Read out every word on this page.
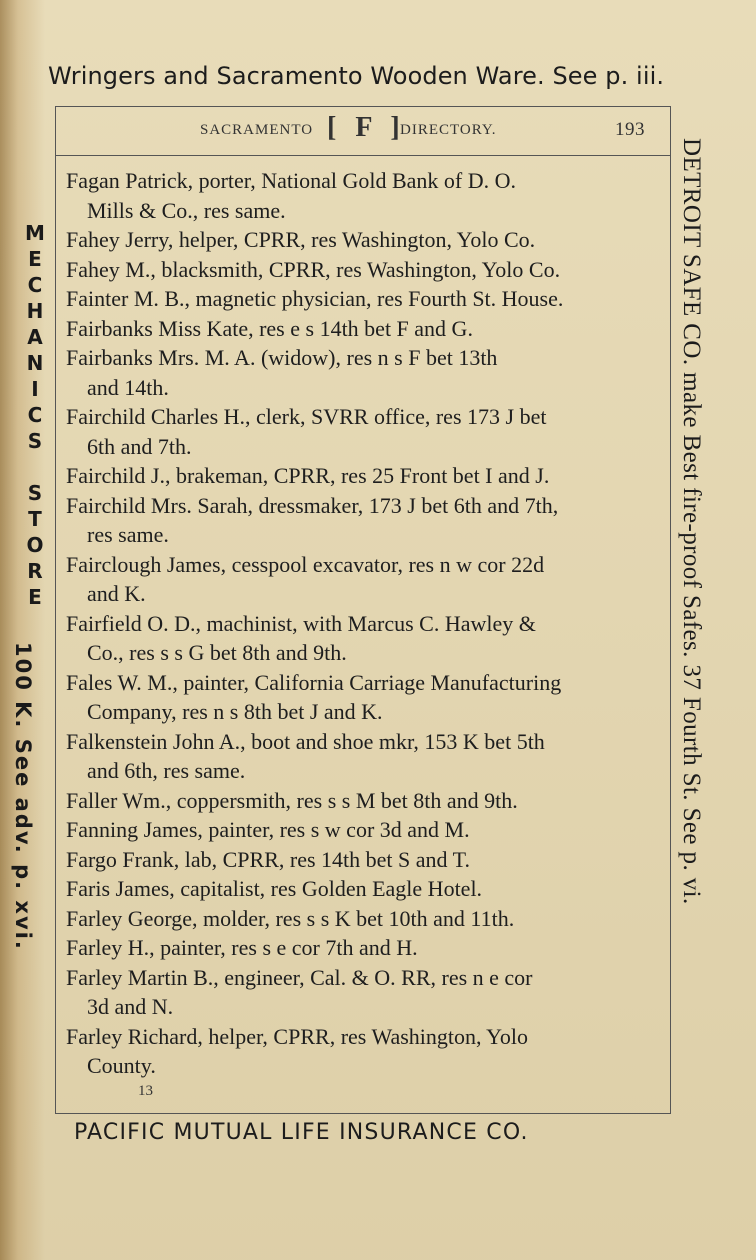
Wringers and Sacramento Wooden Ware. See p. iii.
SACRAMENTO [ F ]
DIRECTORY.	193
Fagan Patrick, porter, National Gold Bank of D. O.
Mills & Co., res same.
Fahey Jerry, helper, CPRR, res Washington, Yolo Co.
Fahey M., blacksmith, CPRR, res Washington, Yolo Co.
Fainter M. B., magnetic physician, res Fourth St. House.
Fairbanks Miss Kate, res e s 14th bet F and G.
Fairbanks Mrs. M. A. (widow), res n s F bet 13th
and 14th.
Fairchild Charles H., clerk, SVRR office, res 173 J bet
6th and 7th.
Fairchild J., brakeman, CPRR, res 25 Front bet I and J.
Fairchild Mrs. Sarah, dressmaker, 173 J bet 6th and 7th,
res same.
Fairclough James, cesspool excavator, res n w cor 22d
and K.
Fairfield O. D., machinist, with Marcus C. Hawley &
Co., res s s G bet 8th and 9th.
Fales W. M., painter, California Carriage Manufacturing
Company, res n s 8th bet J and K.
Falkenstein John A., boot and shoe mkr, 153 K bet 5th
and 6th, res same.
Faller Wm., coppersmith, res s s M bet 8th and 9th.
Fanning James, painter, res s w cor 3d and M.
Fargo Frank, lab, CPRR, res 14th bet S and T.
Faris James, capitalist, res Golden Eagle Hotel.
Farley George, molder, res s s K bet 10th and 11th.
Farley H., painter, res s e cor 7th and H.
Farley Martin B., engineer, Cal. & O. RR, res n e cor
3d and N.
Farley Richard, helper, CPRR, res Washington, Yolo
County.
13
M
E
C
H
A
N
I
C
S
S
T
O
R
E
100 K. See adv. p. xvi.	DETROIT SAFE CO. make Best fire-proof Safes. 37 Fourth St. See p. vi.
PACIFIC MUTUAL LIFE INSURANCE CO.
